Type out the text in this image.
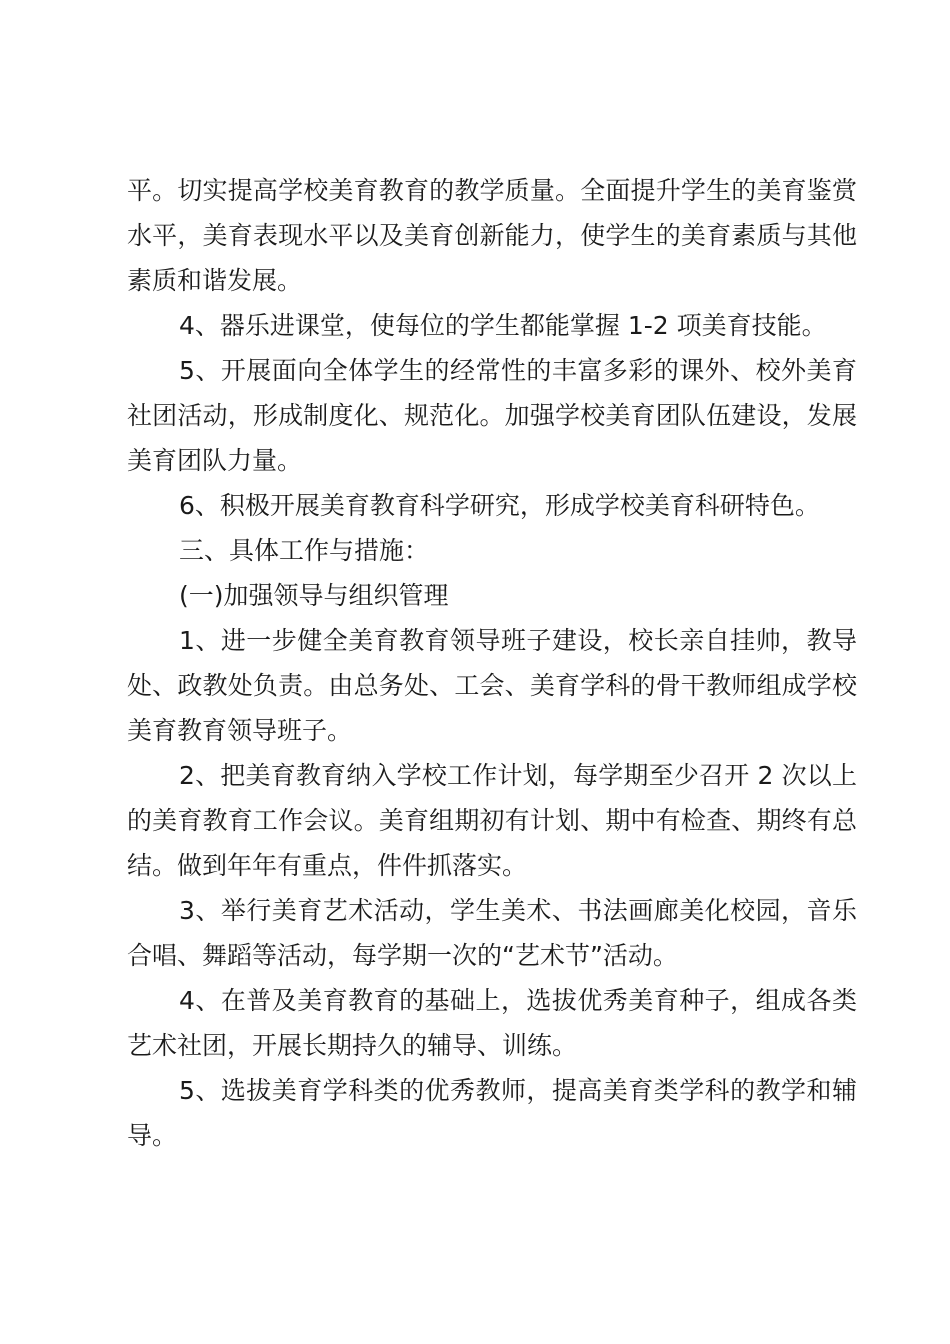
平。切实提高学校美育教育的教学质量。全面提升学生的美育鉴赏水平，美育表现水平以及美育创新能力，使学生的美育素质与其他素质和谐发展。

4、器乐进课堂，使每位的学生都能掌握 1-2 项美育技能。

5、开展面向全体学生的经常性的丰富多彩的课外、校外美育社团活动，形成制度化、规范化。加强学校美育团队伍建设，发展美育团队力量。

6、积极开展美育教育科学研究，形成学校美育科研特色。

三、具体工作与措施：

(一)加强领导与组织管理

1、进一步健全美育教育领导班子建设，校长亲自挂帅，教导处、政教处负责。由总务处、工会、美育学科的骨干教师组成学校美育教育领导班子。

2、把美育教育纳入学校工作计划，每学期至少召开 2 次以上的美育教育工作会议。美育组期初有计划、期中有检查、期终有总结。做到年年有重点，件件抓落实。

3、举行美育艺术活动，学生美术、书法画廊美化校园，音乐合唱、舞蹈等活动，每学期一次的“艺术节”活动。

4、在普及美育教育的基础上，选拔优秀美育种子，组成各类艺术社团，开展长期持久的辅导、训练。

5、选拔美育学科类的优秀教师，提高美育类学科的教学和辅导。
